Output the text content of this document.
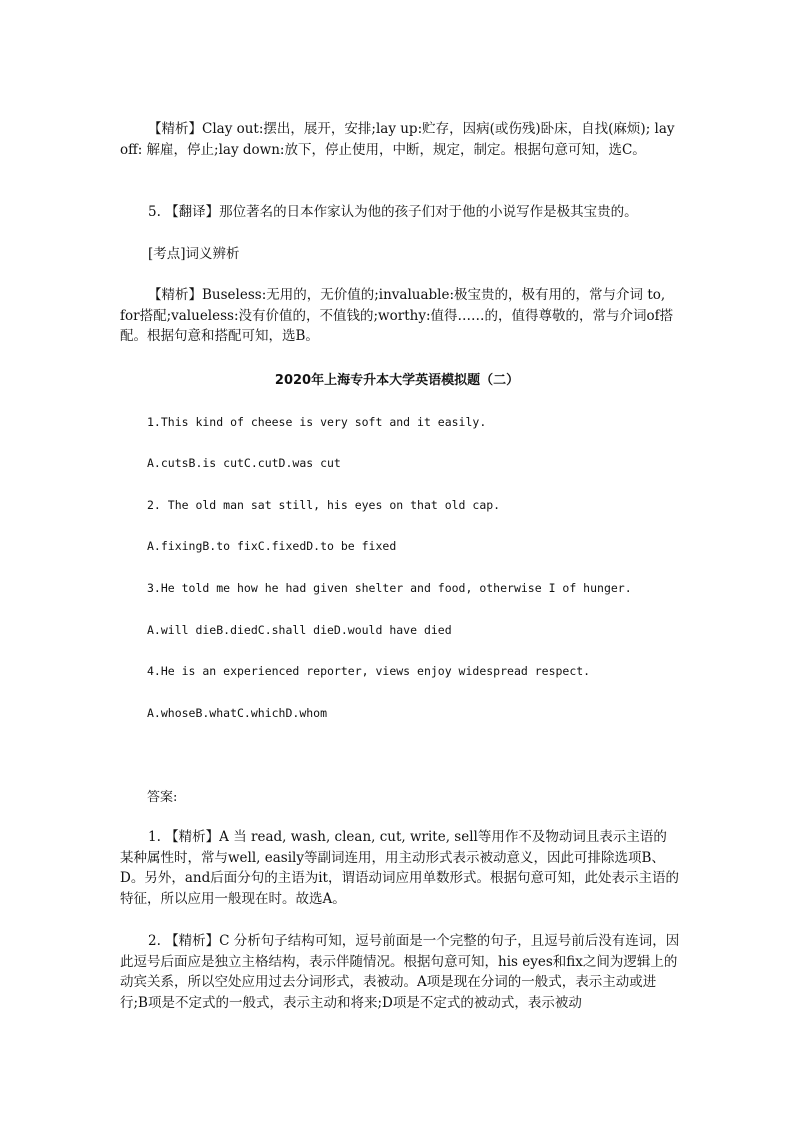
【精析】Clay out:摆出，展开，安排;lay up:贮存，因病(或伤残)卧床，自找(麻烦); lay off: 解雇，停止;lay down:放下，停止使用，中断，规定，制定。根据句意可知，选C。
5. 【翻译】那位著名的日本作家认为他的孩子们对于他的小说写作是极其宝贵的。
[考点]词义辨析
【精析】Buseless:无用的，无价值的;invaluable:极宝贵的，极有用的，常与介词 to, for搭配;valueless:没有价值的，不值钱的;worthy:值得……的，值得尊敬的，常与介词of搭配。根据句意和搭配可知，选B。
2020年上海专升本大学英语模拟题（二）
1.This kind of cheese is very soft and it easily.
A.cutsB.is cutC.cutD.was cut
2. The old man sat still, his eyes on that old cap.
A.fixingB.to fixC.fixedD.to be fixed
3.He told me how he had given shelter and food, otherwise I of hunger.
A.will dieB.diedC.shall dieD.would have died
4.He is an experienced reporter, views enjoy widespread respect.
A.whoseB.whatC.whichD.whom
答案:
1. 【精析】A 当 read, wash, clean, cut, write, sell等用作不及物动词且表示主语的某种属性时，常与well, easily等副词连用，用主动形式表示被动意义，因此可排除选项B、D。另外，and后面分句的主语为it，谓语动词应用单数形式。根据句意可知，此处表示主语的特征，所以应用一般现在时。故选A。
2. 【精析】C 分析句子结构可知，逗号前面是一个完整的句子，且逗号前后没有连词，因此逗号后面应是独立主格结构，表示伴随情况。根据句意可知，his eyes和fix之间为逻辑上的动宾关系，所以空处应用过去分词形式，表被动。A项是现在分词的一般式，表示主动或进行;B项是不定式的一般式，表示主动和将来;D项是不定式的被动式，表示被动
